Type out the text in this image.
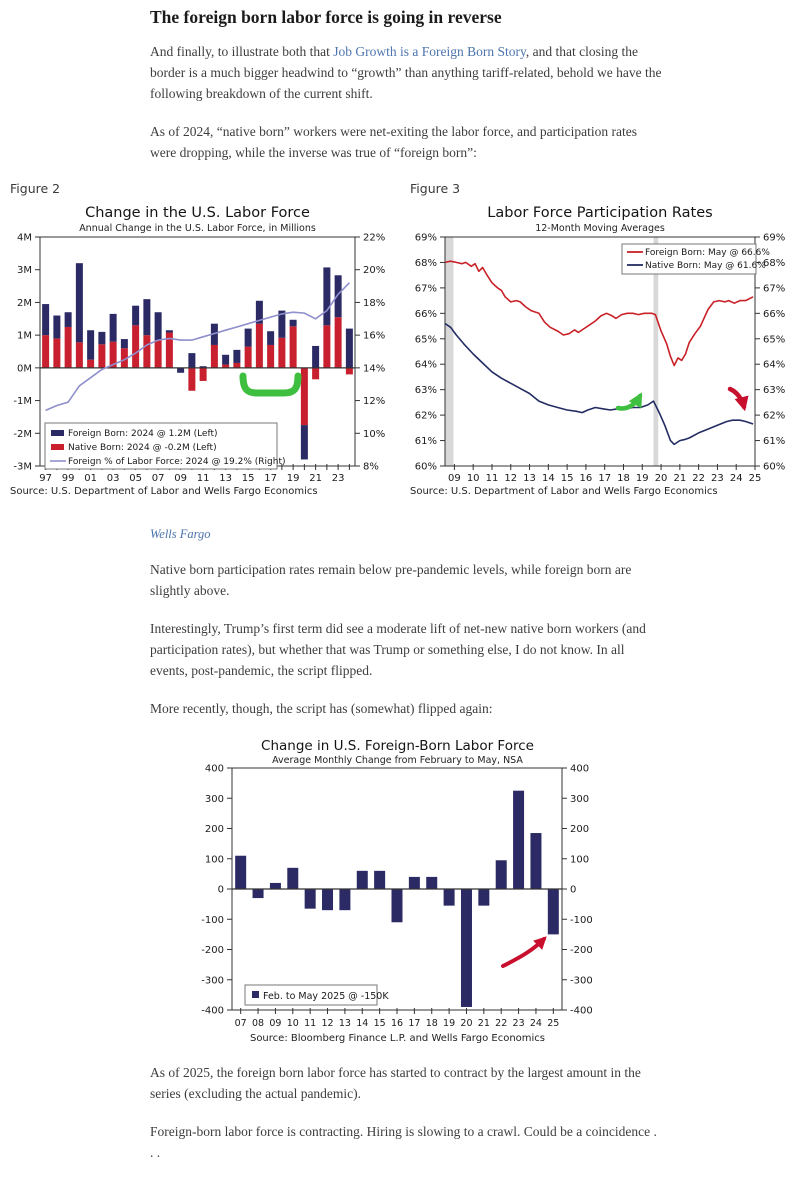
The foreign born labor force is going in reverse

And finally, to illustrate both that Job Growth is a Foreign Born Story, and that closing the border is a much bigger headwind to “growth” than anything tariff-related, behold we have the following breakdown of the current shift.

As of 2024, “native born” workers were net-exiting the labor force, and participation rates were dropping, while the inverse was true of “foreign born”:

Figure 2
Change in the U.S. Labor Force
Annual Change in the U.S. Labor Force, in Millions
4M
3M
2M
1M
0M
-1M
-2M
-3M
22%
20%
18%
16%
14%
12%
10%
8%
97 99 01 03 05 07 09 11 13 15 17 19 21 23
Foreign Born: 2024 @ 1.2M (Left)
Native Born: 2024 @ -0.2M (Left)
Foreign % of Labor Force: 2024 @ 19.2% (Right)
Source: U.S. Department of Labor and Wells Fargo Economics
Figure 3
Labor Force Participation Rates
12-Month Moving Averages
69%	69%
68%	68%
67%	67%
66%	66%
65%	65%
64%	64%
63%	63%
62%	62%
61%	61%
60%	60%
09 10 11 12 13 14 15 16 17 18 19 20 21 22 23 24 25
Foreign Born: May @ 66.6%
Native Born: May @ 61.6%
Source: U.S. Department of Labor and Wells Fargo Economics
Wells Fargo

Native born participation rates remain below pre-pandemic levels, while foreign born are slightly above.

Interestingly, Trump’s first term did see a moderate lift of net-new native born workers (and participation rates), but whether that was Trump or something else, I do not know. In all events, post-pandemic, the script flipped.

More recently, though, the script has (somewhat) flipped again:

Change in U.S. Foreign-Born Labor Force
Average Monthly Change from February to May, NSA
400	400
300	300
200	200
100	100
0	0
-100	-100
-200	-200
-300	-300
-400	-400
07 08 09 10 11 12 13 14 15 16 17 18 19 20 21 22 23 24 25
Feb. to May 2025 @ -150K
Source: Bloomberg Finance L.P. and Wells Fargo Economics

As of 2025, the foreign born labor force has started to contract by the largest amount in the series (excluding the actual pandemic).

Foreign-born labor force is contracting. Hiring is slowing to a crawl. Could be a coincidence . . .
